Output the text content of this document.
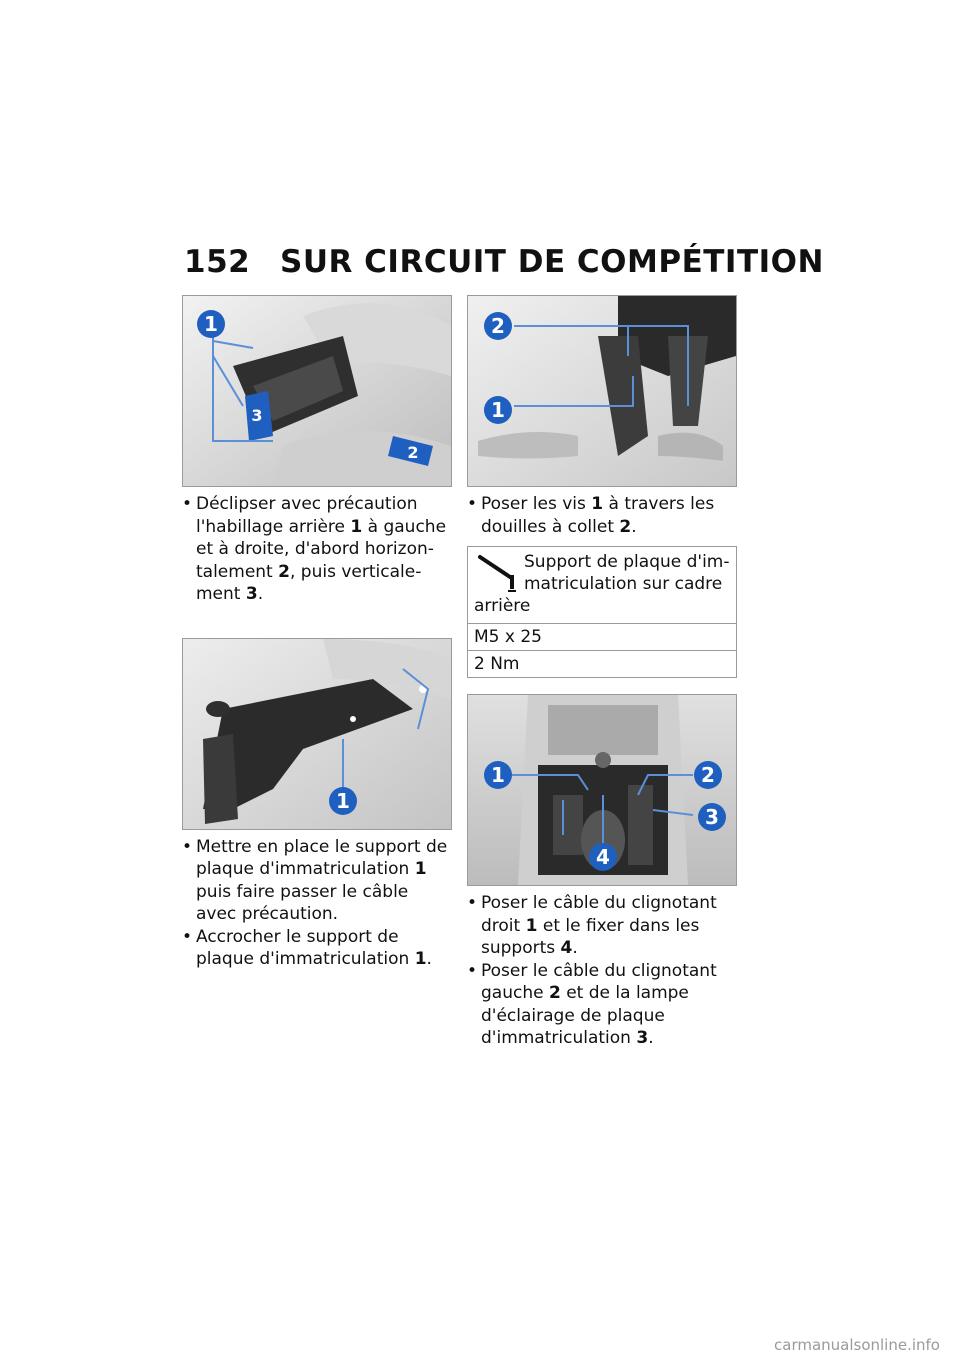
152 SUR CIRCUIT DE COMPÉTITION
1
3
2
• Déclipser avec précaution l'habillage arrière 1 à gauche et à droite, d'abord horizontalement 2, puis verticalement 3.
1
• Mettre en place le support de plaque d'immatriculation 1 puis faire passer le câble avec précaution.
• Accrocher le support de plaque d'immatriculation 1.
2
1
• Poser les vis 1 à travers les douilles à collet 2.
Support de plaque d'immatriculation sur cadre arrière
M5 x 25
2 Nm
1	2
3
4
• Poser le câble du clignotant droit 1 et le fixer dans les supports 4.
• Poser le câble du clignotant gauche 2 et de la lampe d'éclairage de plaque d'immatriculation 3.
carmanualsonline.info
